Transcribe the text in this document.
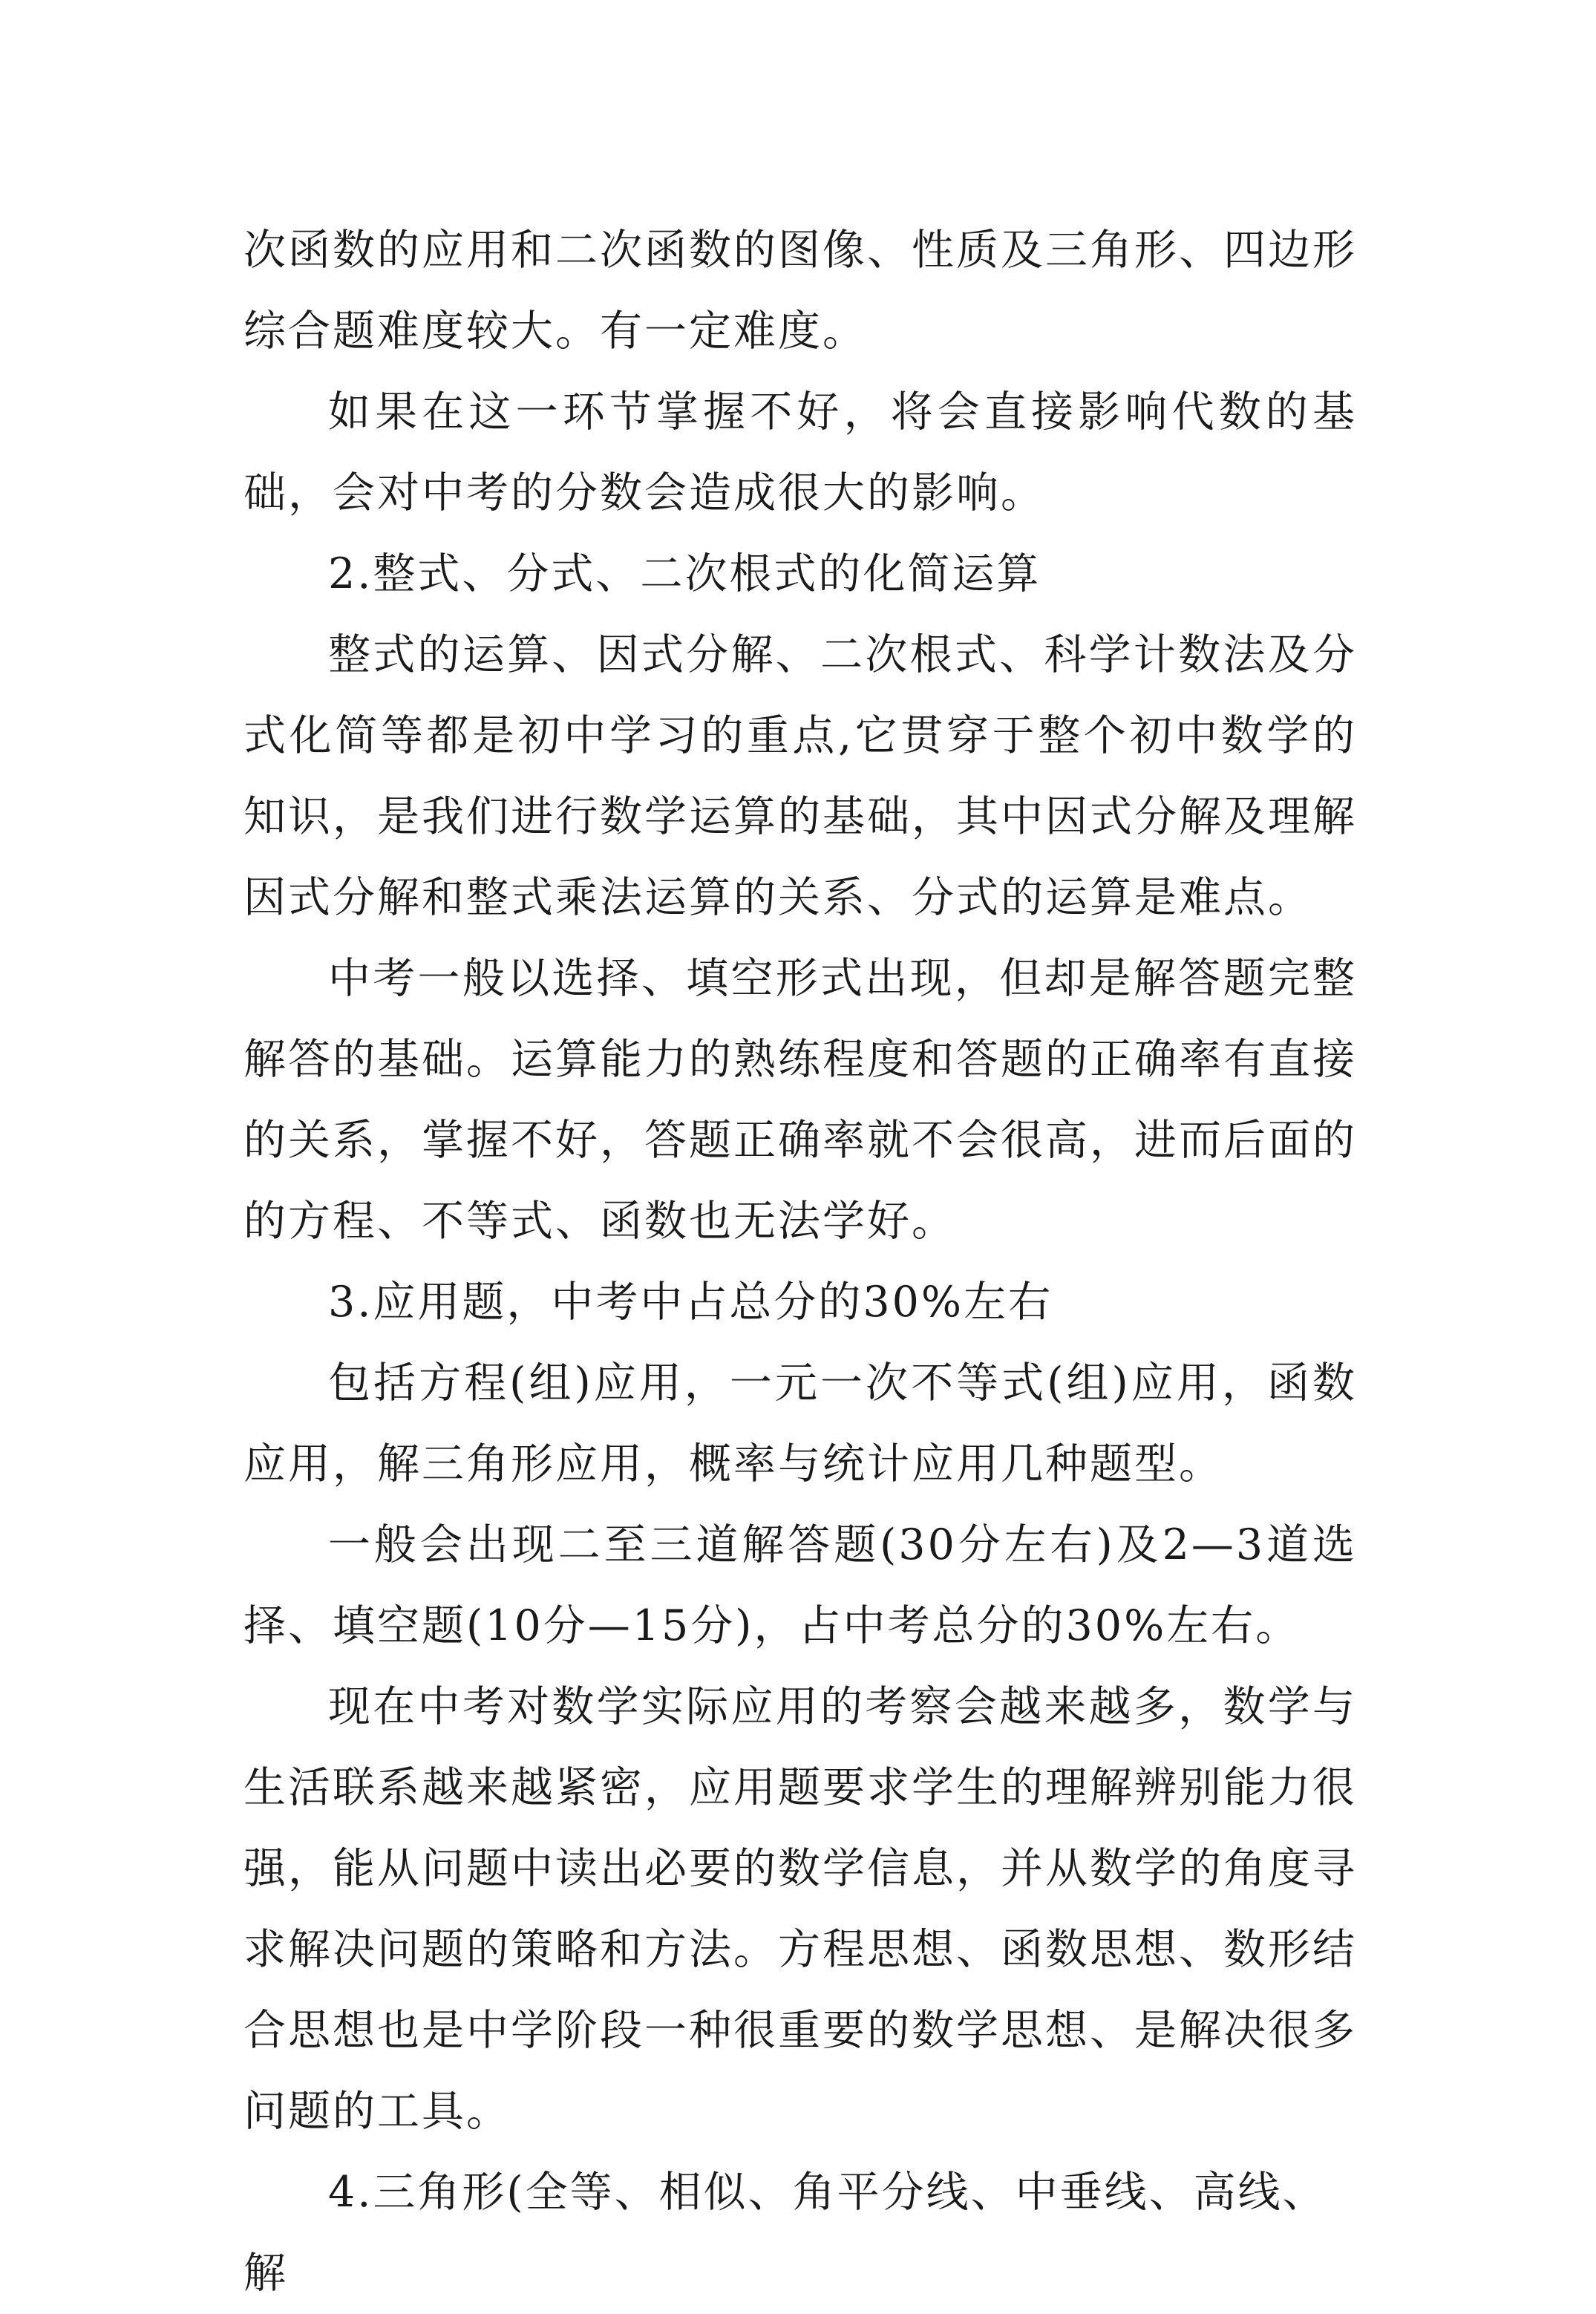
次函数的应用和二次函数的图像、性质及三角形、四边形综合题难度较大。有一定难度。

如果在这一环节掌握不好，将会直接影响代数的基础，会对中考的分数会造成很大的影响。

2.整式、分式、二次根式的化简运算

整式的运算、因式分解、二次根式、科学计数法及分式化简等都是初中学习的重点,它贯穿于整个初中数学的知识，是我们进行数学运算的基础，其中因式分解及理解因式分解和整式乘法运算的关系、分式的运算是难点。

中考一般以选择、填空形式出现，但却是解答题完整解答的基础。运算能力的熟练程度和答题的正确率有直接的关系，掌握不好，答题正确率就不会很高，进而后面的的方程、不等式、函数也无法学好。

3.应用题，中考中占总分的30%左右

包括方程(组)应用，一元一次不等式(组)应用，函数应用，解三角形应用，概率与统计应用几种题型。

一般会出现二至三道解答题(30分左右)及2—3道选择、填空题(10分—15分)，占中考总分的30%左右。

现在中考对数学实际应用的考察会越来越多，数学与生活联系越来越紧密，应用题要求学生的理解辨别能力很强，能从问题中读出必要的数学信息，并从数学的角度寻求解决问题的策略和方法。方程思想、函数思想、数形结合思想也是中学阶段一种很重要的数学思想、是解决很多问题的工具。

4.三角形(全等、相似、角平分线、中垂线、高线、解
